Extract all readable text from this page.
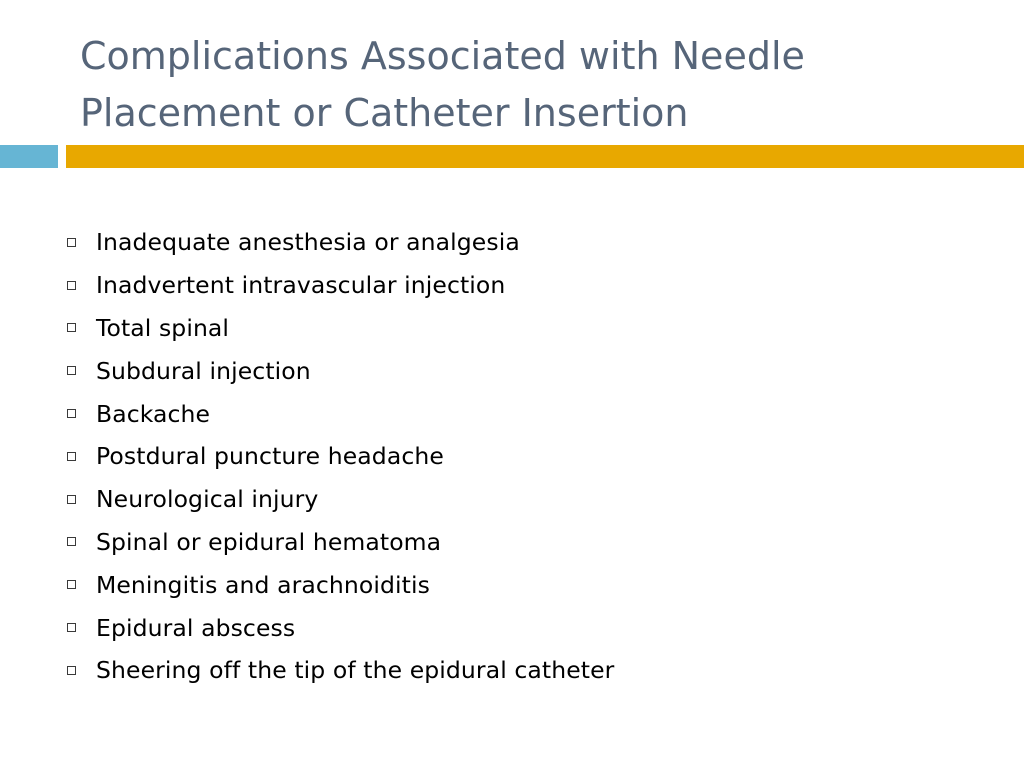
Complications Associated with Needle
Placement or Catheter Insertion
Inadequate anesthesia or analgesia
Inadvertent intravascular injection
Total spinal
Subdural injection
Backache
Postdural puncture headache
Neurological injury
Spinal or epidural hematoma
Meningitis and arachnoiditis
Epidural abscess
Sheering off the tip of the epidural catheter
